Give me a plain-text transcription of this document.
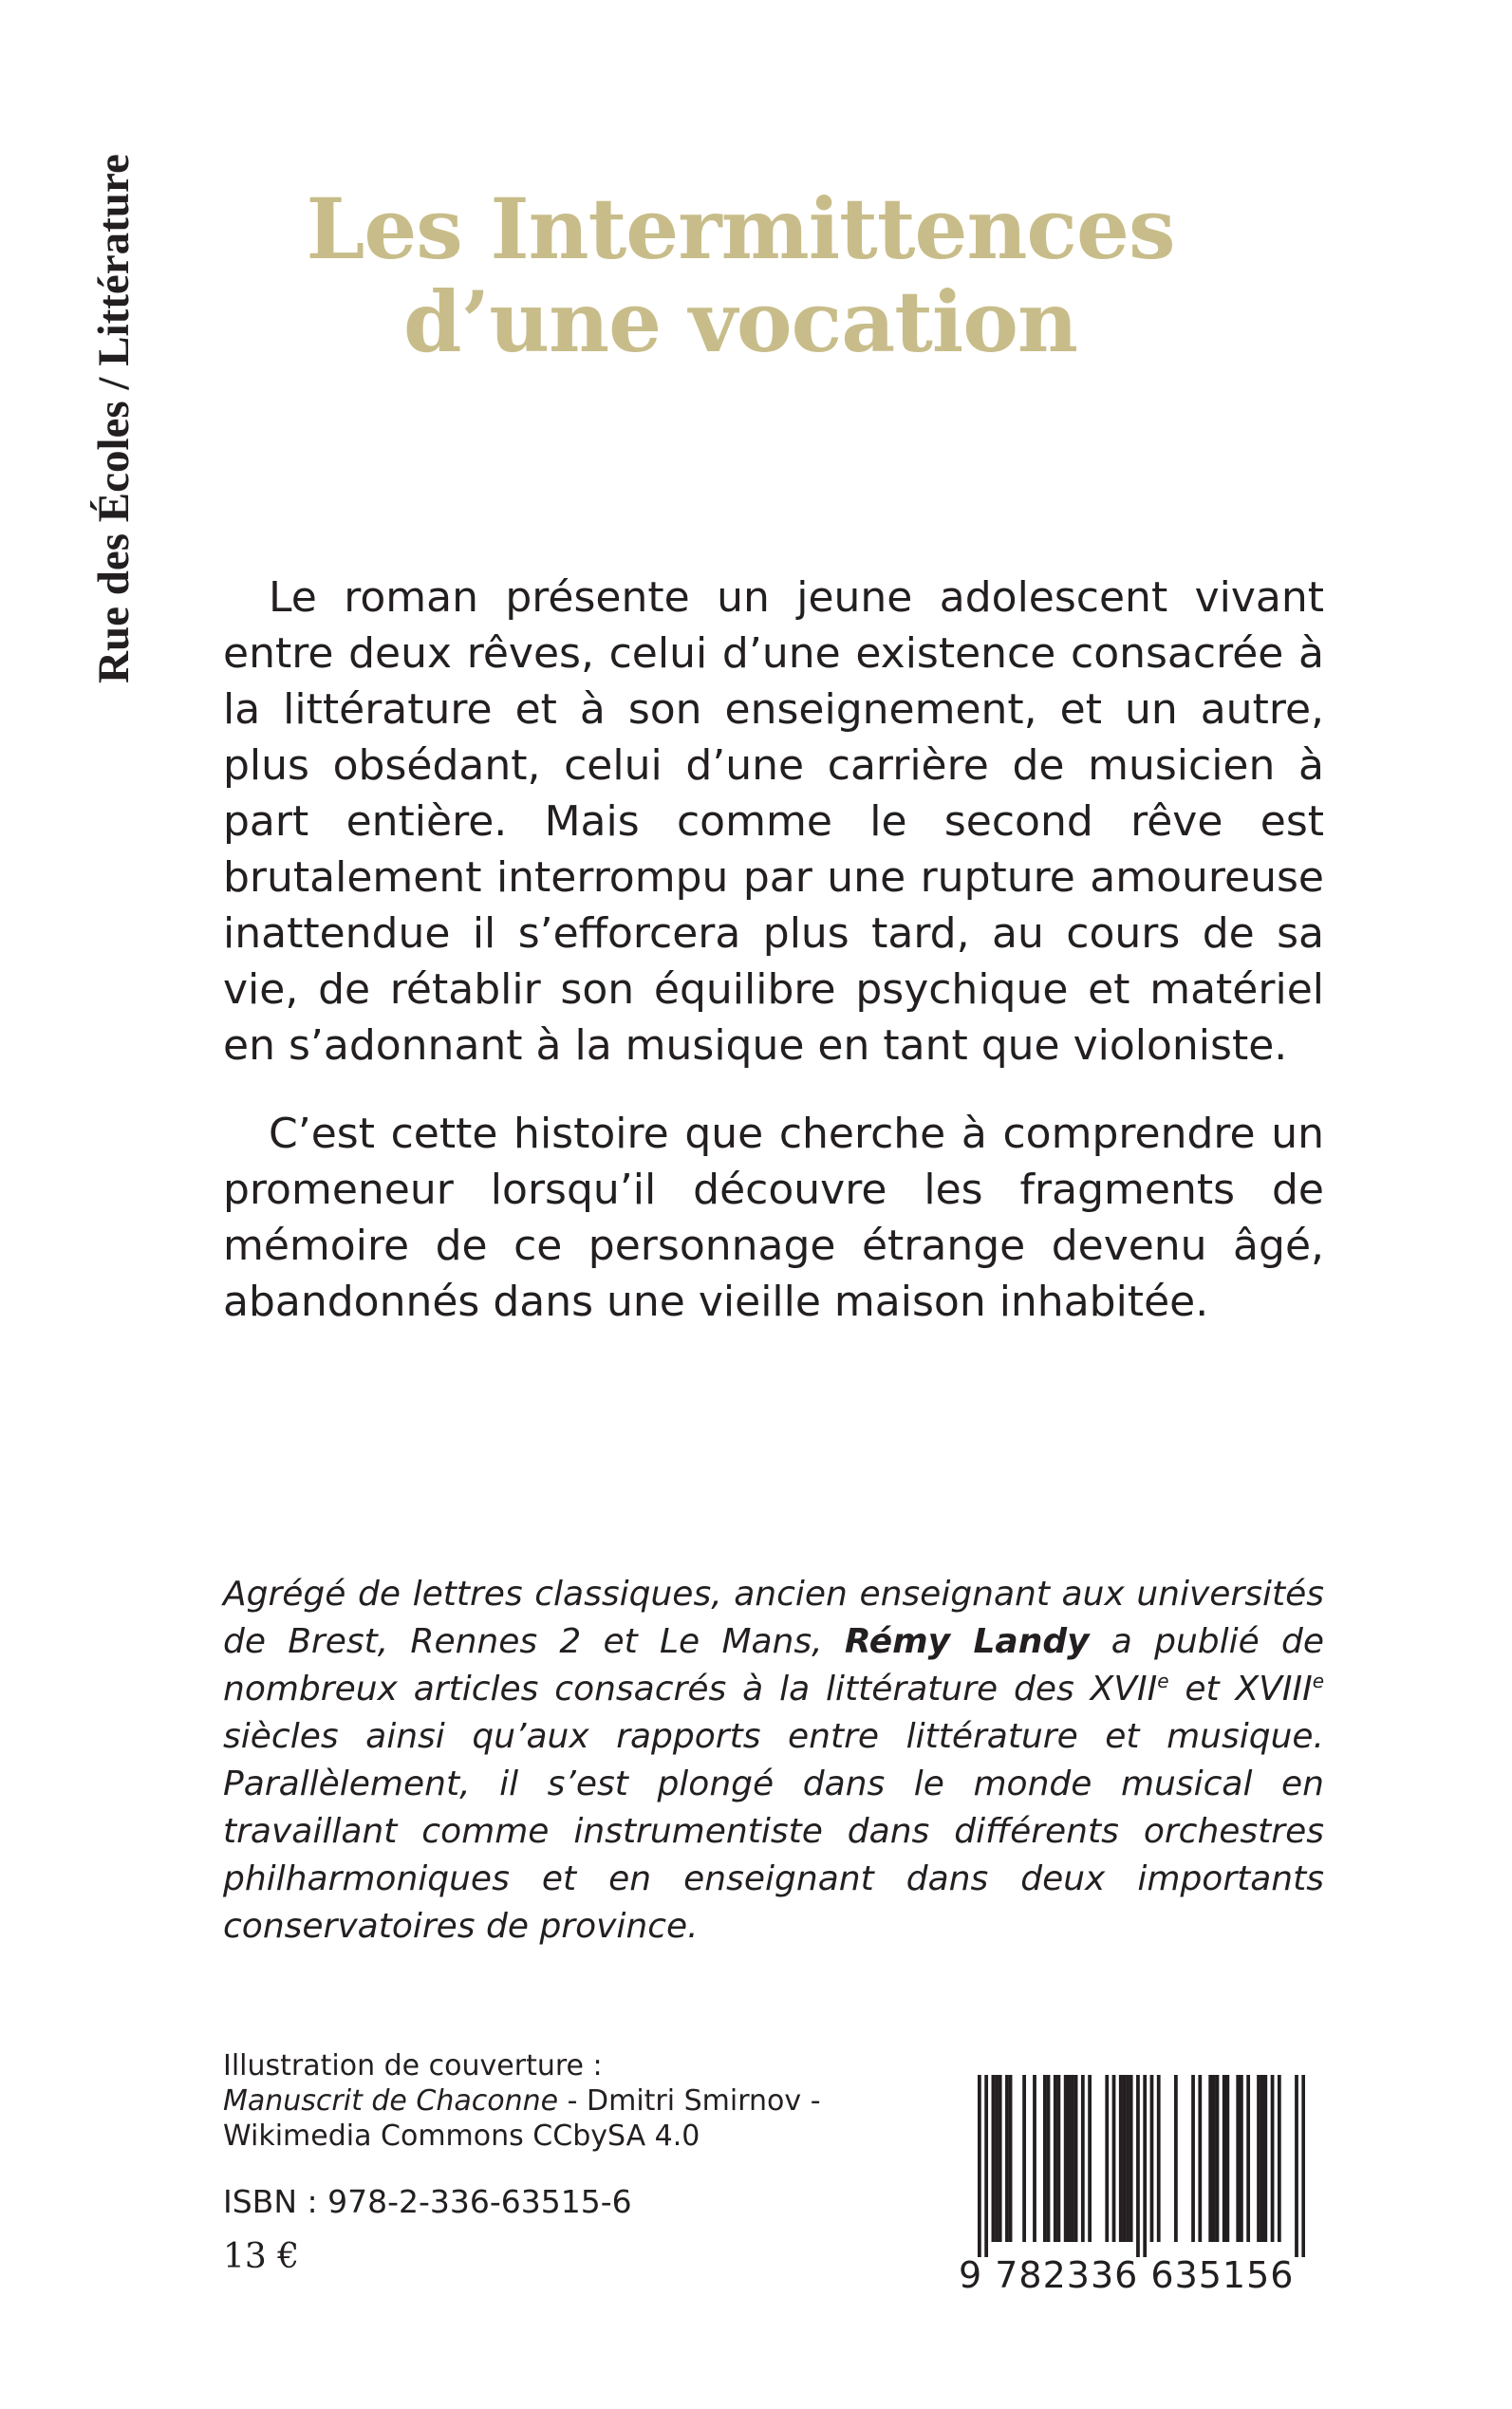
Rue des Écoles / Littérature	Les Intermittences
d’une vocation

Le roman présente un jeune adolescent vivant entre deux rêves, celui d’une existence consacrée à la littérature et à son enseignement, et un autre, plus obsédant, celui d’une carrière de musicien à part entière. Mais comme le second rêve est brutalement interrompu par une rupture amoureuse inattendue il s’efforcera plus tard, au cours de sa vie, de rétablir son équilibre psychique et matériel en s’adonnant à la musique en tant que violoniste.

C’est cette histoire que cherche à comprendre un promeneur lorsqu’il découvre les fragments de mémoire de ce personnage étrange devenu âgé, abandonnés dans une vieille maison inhabitée.

Agrégé de lettres classiques, ancien enseignant aux universités de Brest, Rennes 2 et Le Mans, Rémy Landy a publié de nombreux articles consacrés à la littérature des XVIIe et XVIIIe siècles ainsi qu’aux rapports entre littérature et musique. Parallèlement, il s’est plongé dans le monde musical en travaillant comme instrumentiste dans différents orchestres philharmoniques et en enseignant dans deux importants conservatoires de province.
Illustration de couverture :
Manuscrit de Chaconne - Dmitri Smirnov -
Wikimedia Commons CCbySA 4.0
ISBN : 978-2-336-63515-6
13 €	9 782336 635156
